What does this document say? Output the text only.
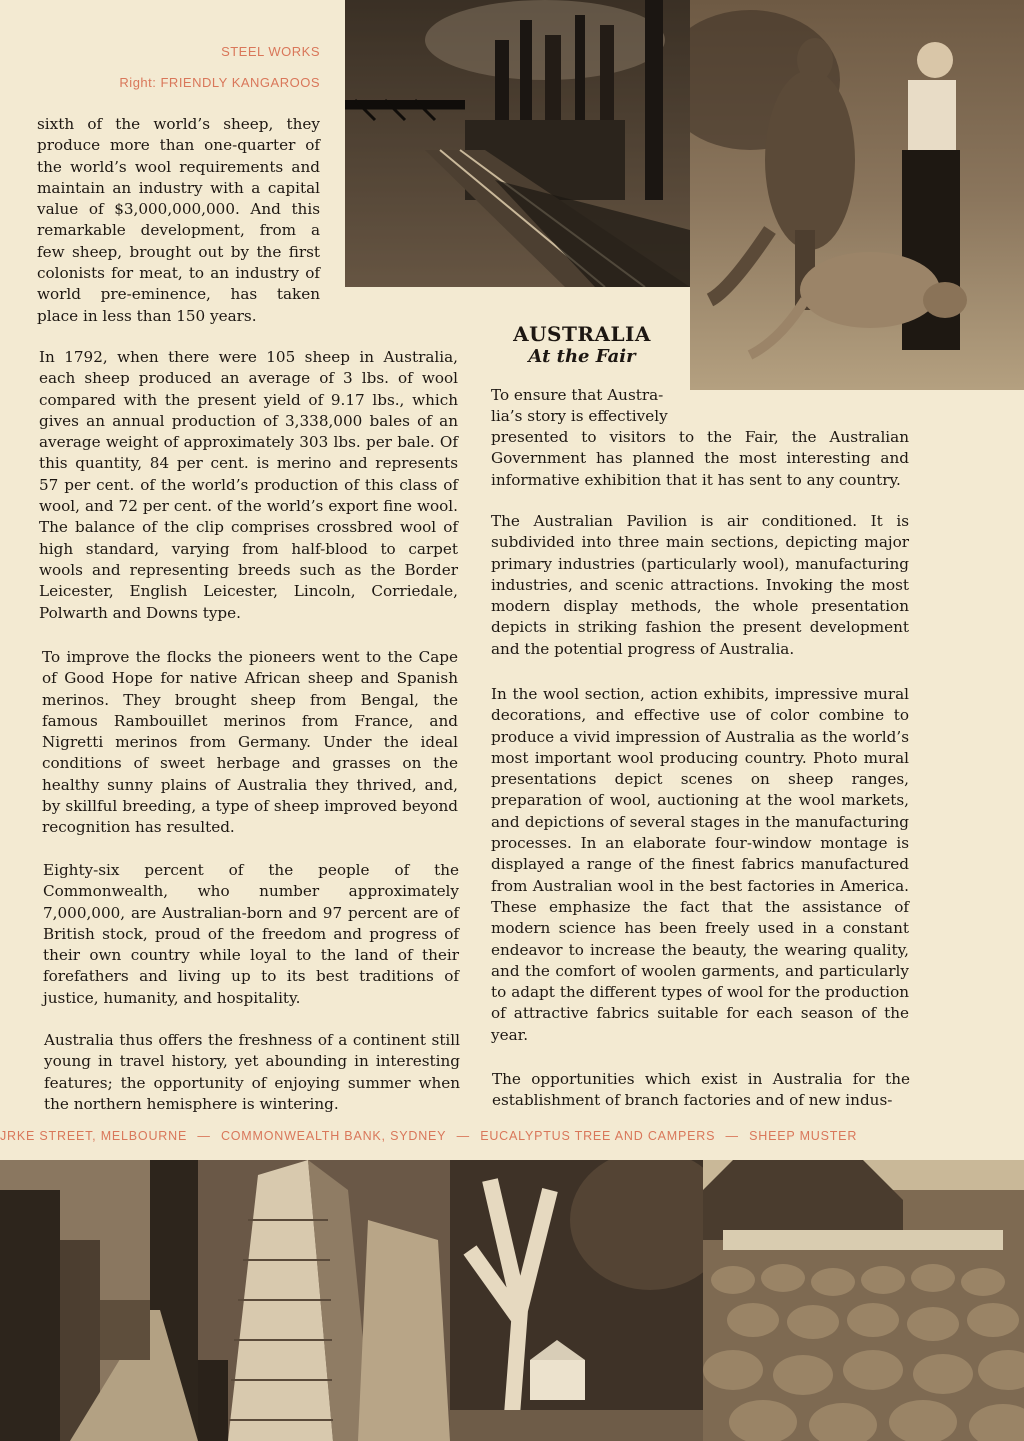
STEEL WORKS
Right: FRIENDLY KANGAROOS

sixth of the world’s sheep, they produce more than one-quarter of the world’s wool requirements and maintain an industry with a capital value of $3,000,000,000. And this remarkable development, from a few sheep, brought out by the first colonists for meat, to an industry of world pre-eminence, has taken place in less than 150 years.

In 1792, when there were 105 sheep in Australia, each sheep produced an average of 3 lbs. of wool compared with the present yield of 9.17 lbs., which gives an annual production of 3,338,000 bales of an average weight of approximately 303 lbs. per bale. Of this quantity, 84 per cent. is merino and represents 57 per cent. of the world’s production of this class of wool, and 72 per cent. of the world’s export fine wool. The balance of the clip comprises crossbred wool of high standard, varying from half-blood to carpet wools and representing breeds such as the Border Leicester, English Leicester, Lincoln, Corriedale, Polwarth and Downs type.

To improve the flocks the pioneers went to the Cape of Good Hope for native African sheep and Spanish merinos. They brought sheep from Bengal, the famous Rambouillet merinos from France, and Nigretti merinos from Germany. Under the ideal conditions of sweet herbage and grasses on the healthy sunny plains of Australia they thrived, and, by skillful breeding, a type of sheep improved beyond recognition has resulted.

Eighty-six percent of the people of the Commonwealth, who number approximately 7,000,000, are Australian-born and 97 percent are of British stock, proud of the freedom and progress of their own country while loyal to the land of their forefathers and living up to its best traditions of justice, humanity, and hospitality.

Australia thus offers the freshness of a continent still young in travel history, yet abounding in interesting features; the opportunity of enjoying summer when the northern hemisphere is wintering.

AUSTRALIA
At the Fair
To ensure that Austra-
lia’s story is effectively

presented to visitors to the Fair, the Australian Government has planned the most interesting and informative exhibition that it has sent to any country.

The Australian Pavilion is air conditioned. It is subdivided into three main sections, depicting major primary industries (particularly wool), manufacturing industries, and scenic attractions. Invoking the most modern display methods, the whole presentation depicts in striking fashion the present development and the potential progress of Australia.

In the wool section, action exhibits, impressive mural decorations, and effective use of color combine to produce a vivid impression of Australia as the world’s most important wool producing country. Photo mural presentations depict scenes on sheep ranges, preparation of wool, auctioning at the wool markets, and depictions of several stages in the manufacturing processes. In an elaborate four-window montage is displayed a range of the finest fabrics manufactured from Australian wool in the best factories in America. These emphasize the fact that the assistance of modern science has been freely used in a constant endeavor to increase the beauty, the wearing quality, and the comfort of woolen garments, and particularly to adapt the different types of wool for the production of attractive fabrics suitable for each season of the year.

The opportunities which exist in Australia for the establishment of branch factories and of new indus-

JRKE STREET, MELBOURNE — COMMONWEALTH BANK, SYDNEY — EUCALYPTUS TREE AND CAMPERS — SHEEP MUSTER
